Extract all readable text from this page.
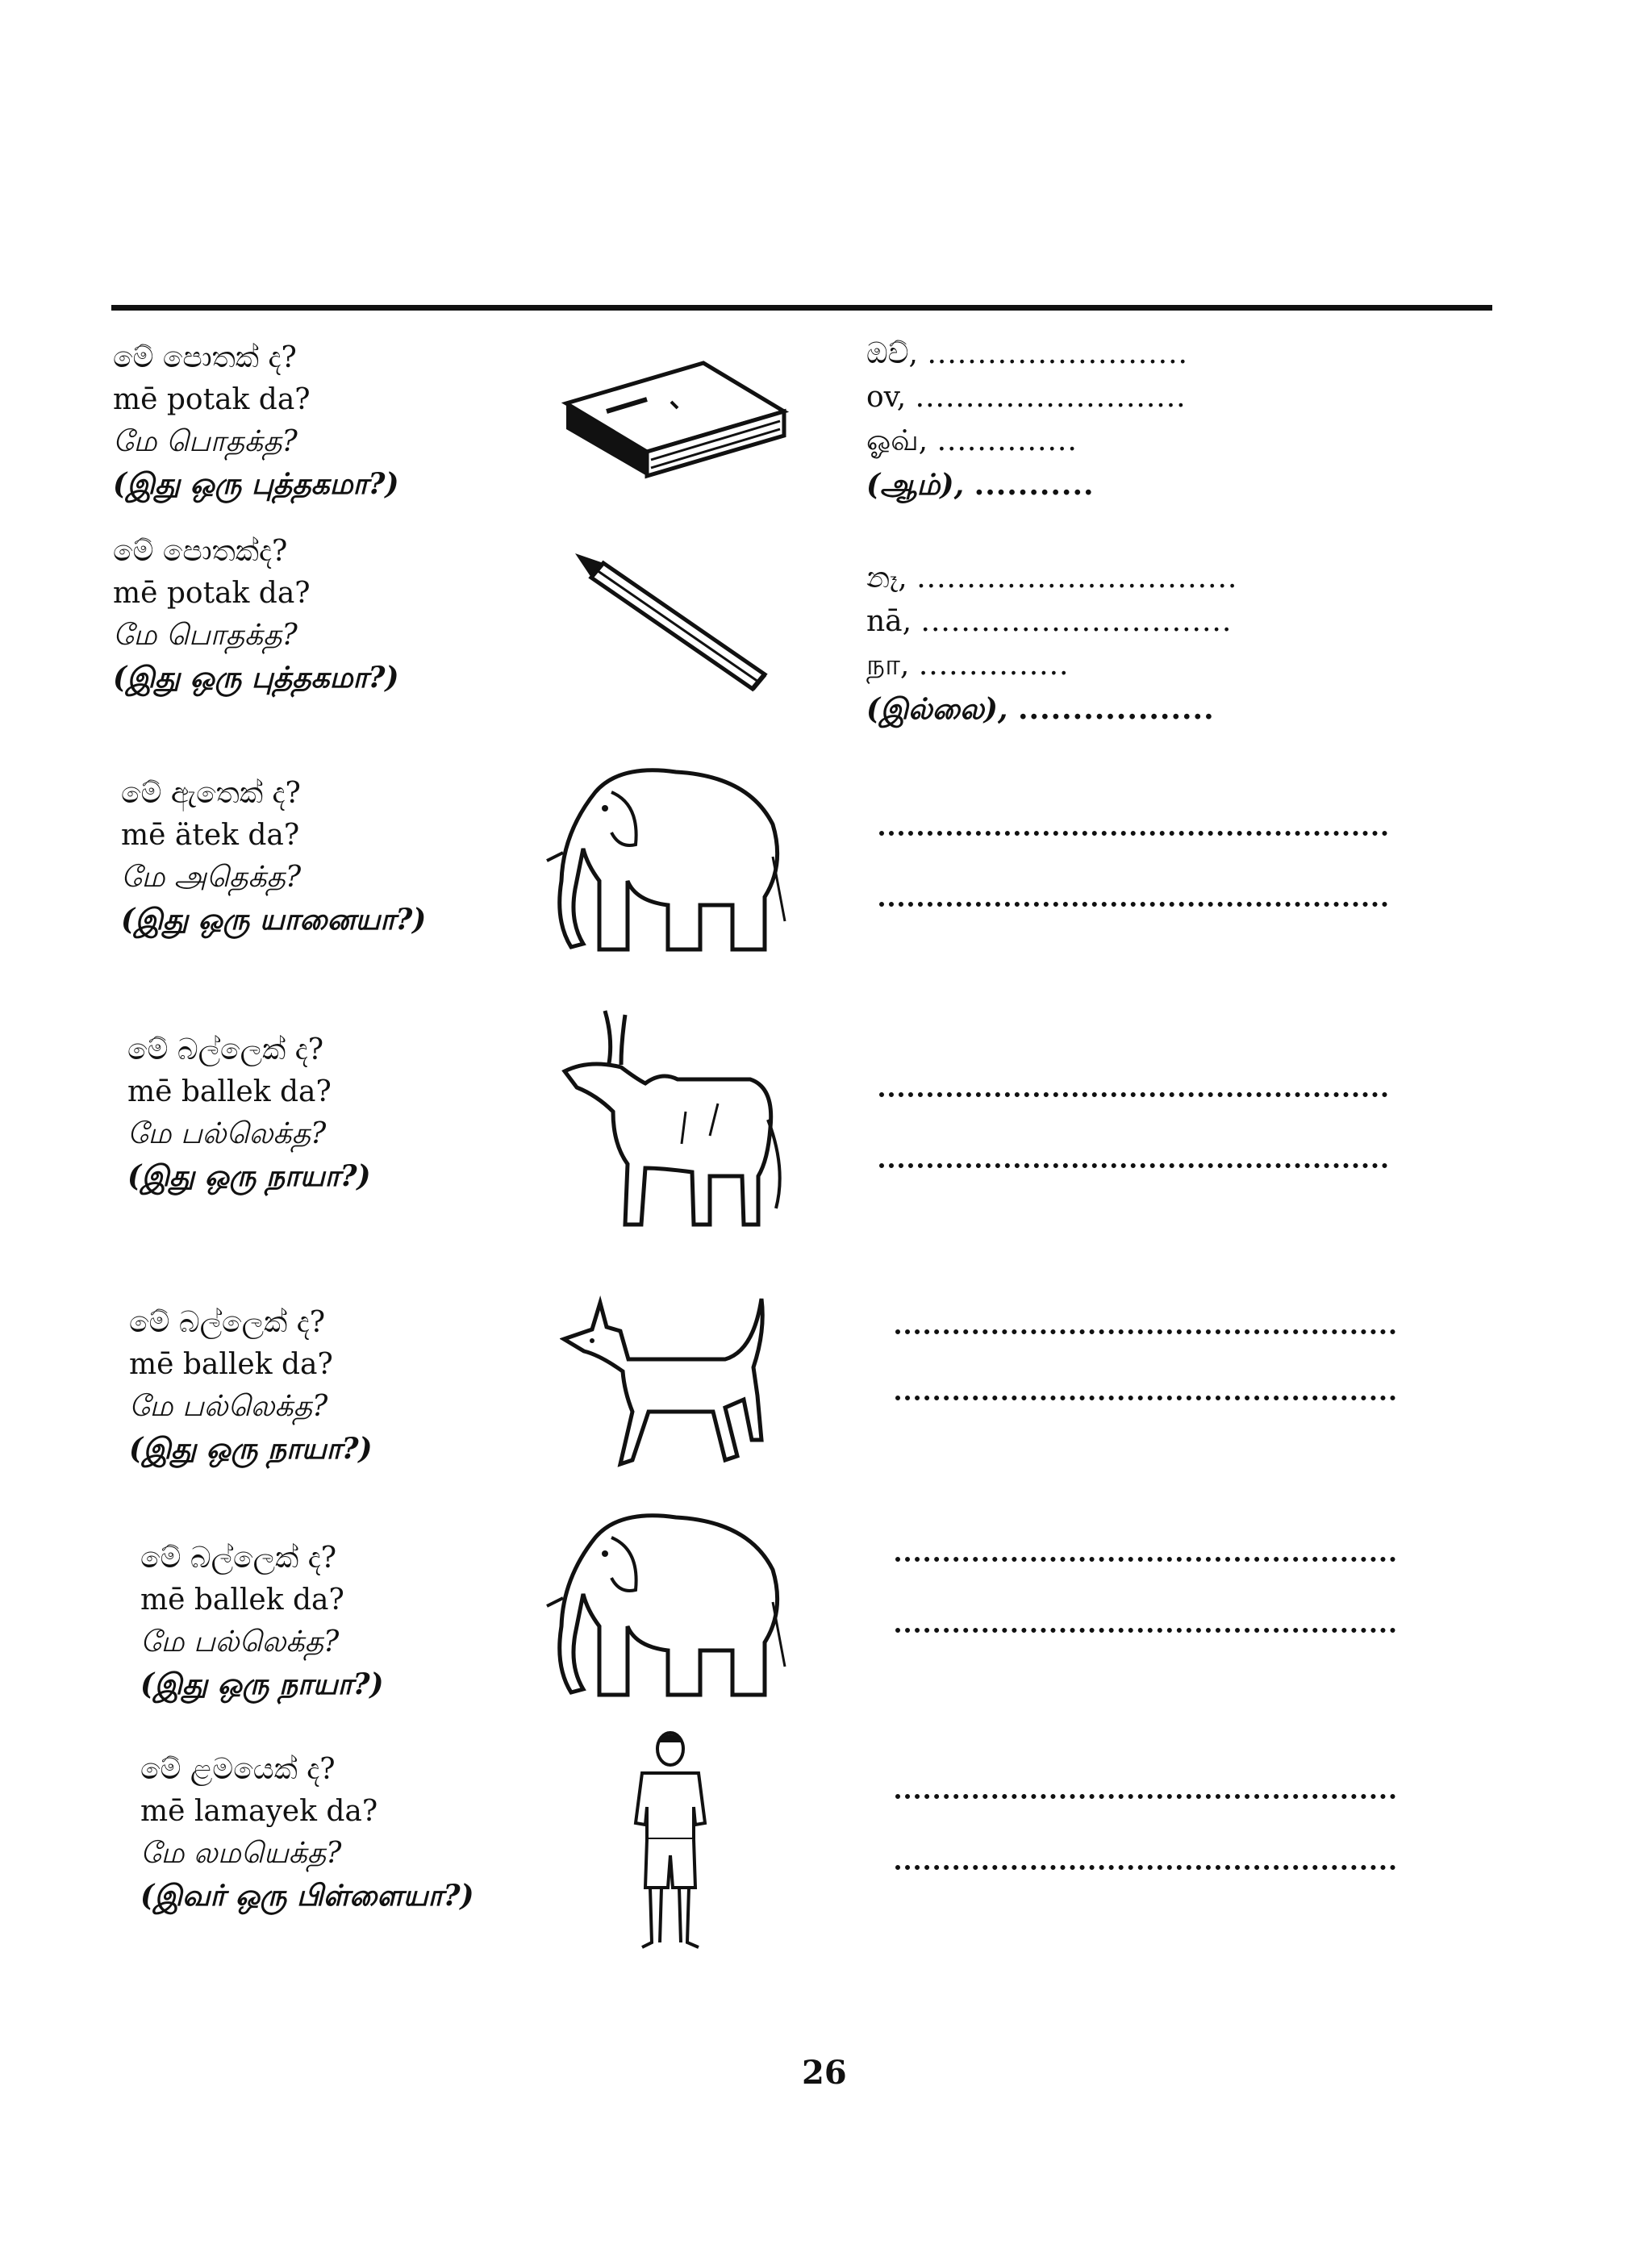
මේ පොතක් ද?
mē potak da?
மே பொதக்த?
(இது ஒரு புத்தகமா?)
මේ පොතක්ද?
mē potak da?
மே பொதக்த?
(இது ஒரு புத்தகமா?)
ඔව්, ..........................
ov, ...........................
ஓவ், ..............
(ஆம்), ...........
නෑ, ................................
nā, ...............................
நா, ...............
(இல்லை), ..................
මේ ඇතෙක් ද?
mē ätek da?
மே அதெக்த?
(இது ஒரு யானையா?)
මේ බල්ලෙක් ද?
mē ballek da?
மே பல்லெக்த?
(இது ஒரு நாயா?)
මේ බල්ලෙක් ද?
mē ballek da?
மே பல்லெக்த?
(இது ஒரு நாயா?)
මේ බල්ලෙක් ද?
mē ballek da?
மே பல்லெக்த?
(இது ஒரு நாயா?)
මේ ළමයෙක් ද?
mē lamayek da?
மே லமயெக்த?
(இவர் ஒரு பிள்ளையா?)
26
